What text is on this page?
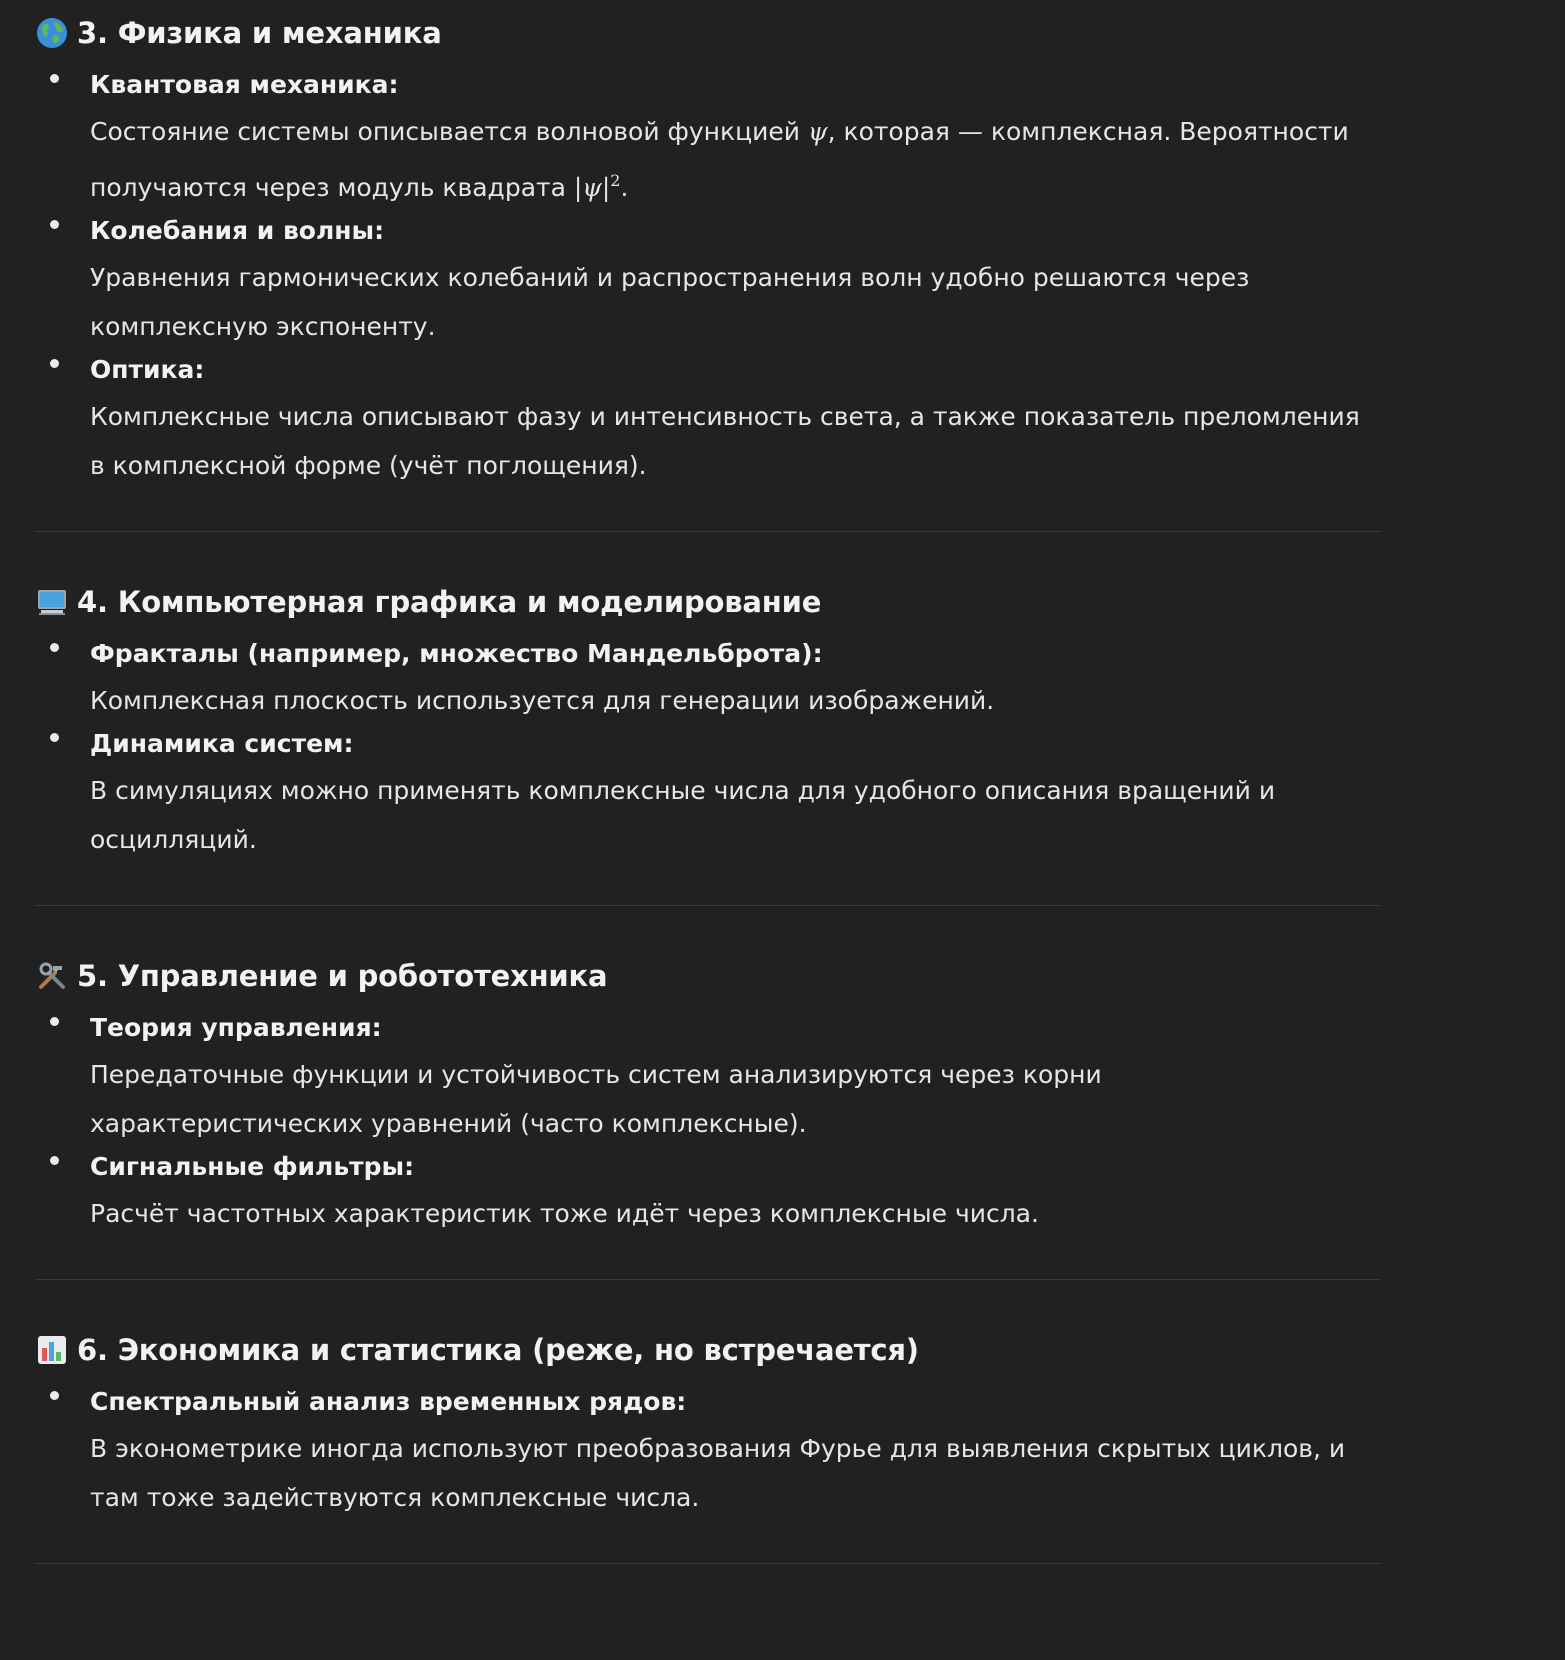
3. Физика и механика
Квантовая механика:
Состояние системы описывается волновой функцией ψ, которая — комплексная. Вероятности получаются через модуль квадрата $|\psi|^2$.
Колебания и волны:
Уравнения гармонических колебаний и распространения волн удобно решаются через комплексную экспоненту.
Оптика:
Комплексные числа описывают фазу и интенсивность света, а также показатель преломления в комплексной форме (учёт поглощения).
4. Компьютерная графика и моделирование
Фракталы (например, множество Мандельброта):
Комплексная плоскость используется для генерации изображений.
Динамика систем:
В симуляциях можно применять комплексные числа для удобного описания вращений и осцилляций.
5. Управление и робототехника
Теория управления:
Передаточные функции и устойчивость систем анализируются через корни характеристических уравнений (часто комплексные).
Сигнальные фильтры:
Расчёт частотных характеристик тоже идёт через комплексные числа.
6. Экономика и статистика (реже, но встречается)
Спектральный анализ временных рядов:
В эконометрике иногда используют преобразования Фурье для выявления скрытых циклов, и там тоже задействуются комплексные числа.
